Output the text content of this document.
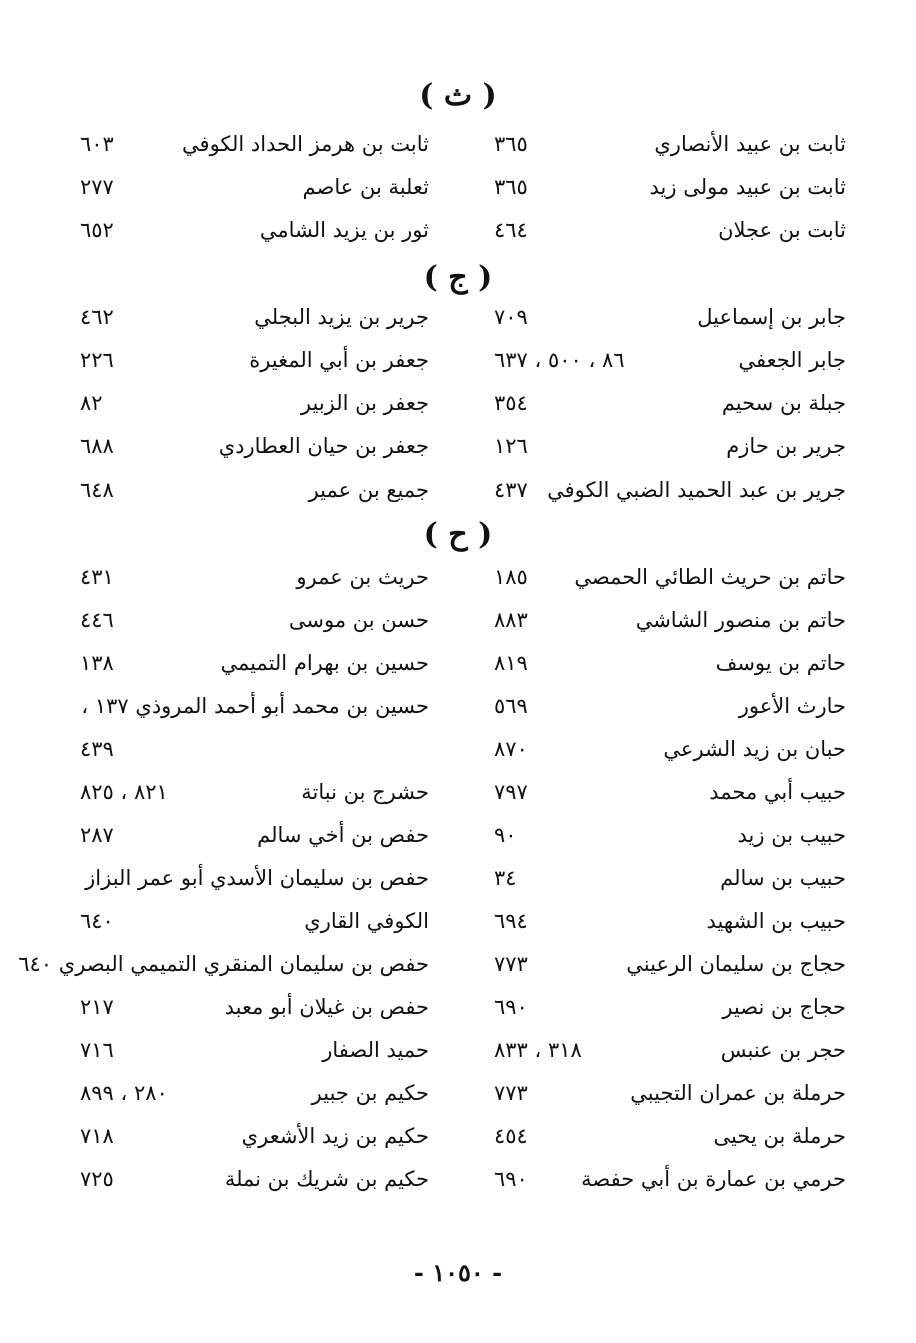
( ث )
ثابت بن عبيد الأنصاري
٣٦٥
ثابت بن هرمز الحداد الكوفي
٦٠٣
ثابت بن عبيد مولى زيد
٣٦٥
ثعلبة بن عاصم
٢٧٧
ثابت بن عجلان
٤٦٤
ثور بن يزيد الشامي
٦٥٢
( ج )
جابر بن إسماعيل
٧٠٩
جرير بن يزيد البجلي
٤٦٢
جابر الجعفي
٨٦ ، ٥٠٠ ، ٦٣٧
جعفر بن أبي المغيرة
٢٢٦
جبلة بن سحيم
٣٥٤
جعفر بن الزبير
٨٢
جرير بن حازم
١٢٦
جعفر بن حيان العطاردي
٦٨٨
جرير بن عبد الحميد الضبي الكوفي
٤٣٧
جميع بن عمير
٦٤٨
( ح )
حاتم بن حريث الطائي الحمصي
١٨٥
حريث بن عمرو
٤٣١
حاتم بن منصور الشاشي
٨٨٣
حسن بن موسى
٤٤٦
حاتم بن يوسف
٨١٩
حسين بن بهرام التميمي
١٣٨
حارث الأعور
٥٦٩
حسين بن محمد أبو أحمد المروذي ١٣٧ ،
حبان بن زيد الشرعي
٨٧٠
٤٣٩
حبيب أبي محمد
٧٩٧
حشرج بن نباتة
٨٢١ ، ٨٢٥
حبيب بن زيد
٩٠
حفص بن أخي سالم
٢٨٧
حبيب بن سالم
٣٤
حفص بن سليمان الأسدي أبو عمر البزاز
حبيب بن الشهيد
٦٩٤
الكوفي القاري
٦٤٠
حجاج بن سليمان الرعيني
٧٧٣
حفص بن سليمان المنقري التميمي البصري ٦٤٠
حجاج بن نصير
٦٩٠
حفص بن غيلان أبو معبد
٢١٧
حجر بن عنبس
٣١٨ ، ٨٣٣
حميد الصفار
٧١٦
حرملة بن عمران التجيبي
٧٧٣
حكيم بن جبير
٢٨٠ ، ٨٩٩
حرملة بن يحيى
٤٥٤
حكيم بن زيد الأشعري
٧١٨
حرمي بن عمارة بن أبي حفصة
٦٩٠
حكيم بن شريك بن نملة
٧٢٥
- ١٠٥٠ -
